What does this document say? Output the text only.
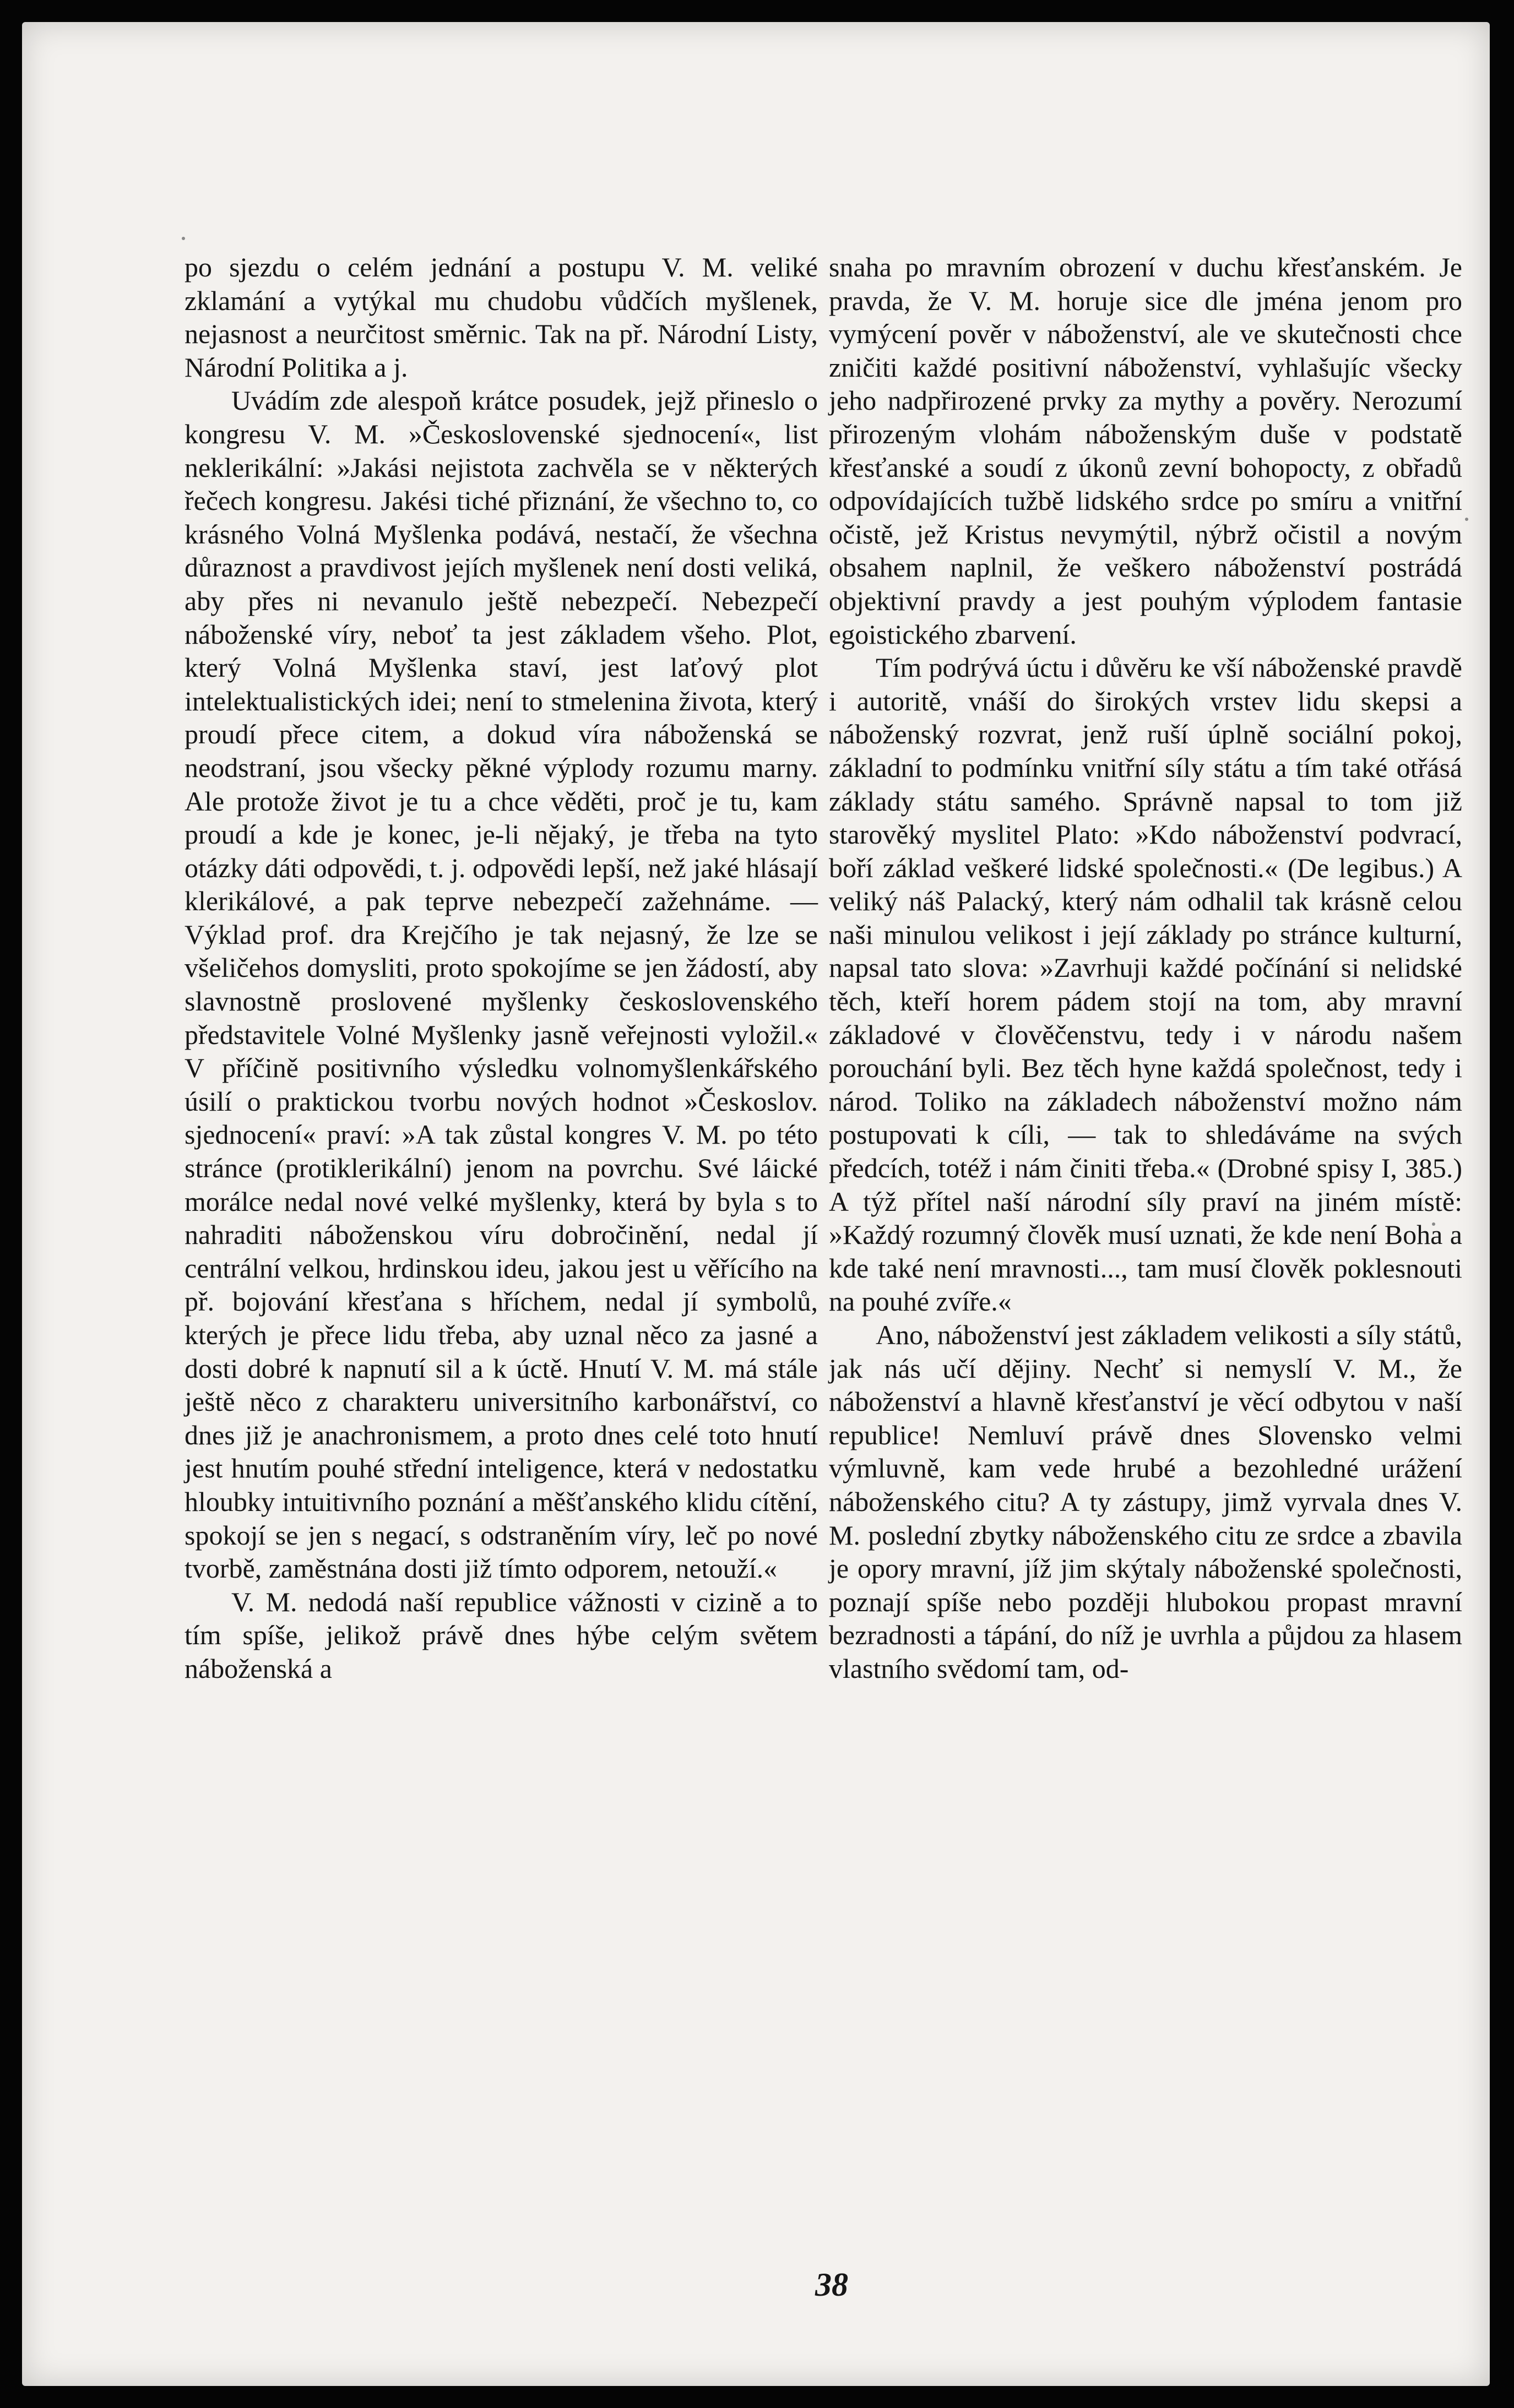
po sjezdu o celém jednání a postupu V. M. veliké zklamání a vytýkal mu chudobu vůdčích myšlenek, nejasnost a neurčitost směrnic. Tak na př. Národní Listy, Národní Politika a j.

Uvádím zde alespoň krátce posudek, jejž přineslo o kongresu V. M. »Československé sjednocení«, list neklerikální: »Jakási nejistota zachvěla se v některých řečech kongresu. Jakési tiché přiznání, že všechno to, co krásného Volná Myšlenka podává, nestačí, že všechna důraznost a pravdivost jejích myšlenek není dosti veliká, aby přes ni nevanulo ještě nebezpečí. Nebezpečí náboženské víry, neboť ta jest základem všeho. Plot, který Volná Myšlenka staví, jest laťový plot intelektualistických idei; není to stmelenina života, který proudí přece citem, a dokud víra náboženská se neodstraní, jsou všecky pěkné výplody rozumu marny. Ale protože život je tu a chce věděti, proč je tu, kam proudí a kde je konec, je-li nějaký, je třeba na tyto otázky dáti odpovědi, t. j. odpovědi lepší, než jaké hlásají klerikálové, a pak teprve nebezpečí zažehnáme. —Výklad prof. dra Krejčího je tak nejasný, že lze se všeličehos domysliti, proto spokojíme se jen žádostí, aby slavnostně proslovené myšlenky československého představitele Volné Myšlenky jasně veřejnosti vyložil.« V příčině positivního výsledku volnomyšlenkářského úsilí o praktickou tvorbu nových hodnot »Českoslov. sjednocení« praví: »A tak zůstal kongres V. M. po této stránce (protiklerikální) jenom na povrchu. Své láické morálce nedal nové velké myšlenky, která by byla s to nahraditi náboženskou víru dobročinění, nedal jí centrální velkou, hrdinskou ideu, jakou jest u věřícího na př. bojování křesťana s hříchem, nedal jí symbolů, kterých je přece lidu třeba, aby uznal něco za jasné a dosti dobré k napnutí sil a k úctě. Hnutí V. M. má stále ještě něco z charakteru universitního karbonářství, co dnes již je anachronismem, a proto dnes celé toto hnutí jest hnutím pouhé střední inteligence, která v nedostatku hloubky intuitivního poznání a měšťanského klidu cítění, spokojí se jen s negací, s odstraněním víry, leč po nové tvorbě, zaměstnána dosti již tímto odporem, netouží.«

V. M. nedodá naší republice vážnosti v cizině a to tím spíše, jelikož právě dnes hýbe celým světem náboženská a

snaha po mravním obrození v duchu křesťanském. Je pravda, že V. M. horuje sice dle jména jenom pro vymýcení pověr v náboženství, ale ve skutečnosti chce zničiti každé positivní náboženství, vyhlašujíc všecky jeho nadpřirozené prvky za mythy a pověry. Nerozumí přirozeným vlohám náboženským duše v podstatě křesťanské a soudí z úkonů zevní bohopocty, z obřadů odpovídajících tužbě lidského srdce po smíru a vnitřní očistě, jež Kristus nevymýtil, nýbrž očistil a novým obsahem naplnil, že veškero náboženství postrádá objektivní pravdy a jest pouhým výplodem fantasie egoistického zbarvení.

Tím podrývá úctu i důvěru ke vší náboženské pravdě i autoritě, vnáší do širokých vrstev lidu skepsi a náboženský rozvrat, jenž ruší úplně sociální pokoj, základní to podmínku vnitřní síly státu a tím také otřásá základy státu samého. Správně napsal to tom již starověký myslitel Plato: »Kdo náboženství podvrací, boří základ veškeré lidské společnosti.« (De legibus.) A veliký náš Palacký, který nám odhalil tak krásně celou naši minulou velikost i její základy po stránce kulturní, napsal tato slova: »Zavrhuji každé počínání si nelidské těch, kteří horem pádem stojí na tom, aby mravní základové v člověčenstvu, tedy i v národu našem porouchání byli. Bez těch hyne každá společnost, tedy i národ. Toliko na základech náboženství možno nám postupovati k cíli, — tak to shledáváme na svých předcích, totéž i nám činiti třeba.« (Drobné spisy I, 385.) A týž přítel naší národní síly praví na jiném místě: »Každý rozumný člověk musí uznati, že kde není Boha a kde také není mravnosti..., tam musí člověk poklesnouti na pouhé zvíře.«

Ano, náboženství jest základem velikosti a síly států, jak nás učí dějiny. Nechť si nemyslí V. M., že náboženství a hlavně křesťanství je věcí odbytou v naší republice! Nemluví právě dnes Slovensko velmi výmluvně, kam vede hrubé a bezohledné urážení náboženského citu? A ty zástupy, jimž vyrvala dnes V. M. poslední zbytky náboženského citu ze srdce a zbavila je opory mravní, jíž jim skýtaly náboženské společnosti, poznají spíše nebo později hlubokou propast mravní bezradnosti a tápání, do níž je uvrhla a půjdou za hlasem vlastního svědomí tam, od-

38
